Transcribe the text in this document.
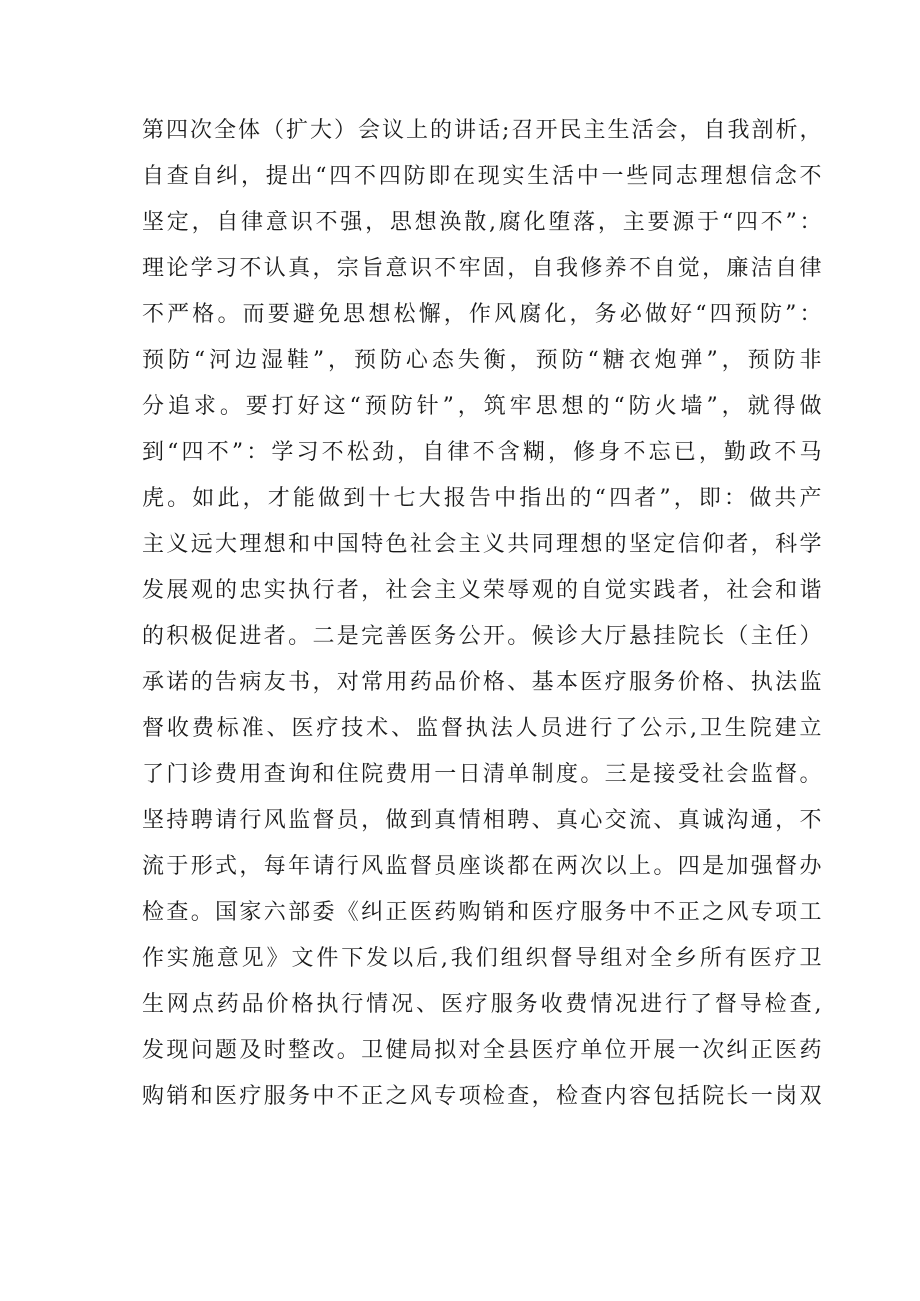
第四次全体（扩大）会议上的讲话;召开民主生活会，自我剖析，
自查自纠，提出“四不四防即在现实生活中一些同志理想信念不
坚定，自律意识不强，思想涣散,腐化堕落，主要源于“四不”：
理论学习不认真，宗旨意识不牢固，自我修养不自觉，廉洁自律
不严格。而要避免思想松懈，作风腐化，务必做好“四预防”：
预防“河边湿鞋”，预防心态失衡，预防“糖衣炮弹”，预防非
分追求。要打好这“预防针”，筑牢思想的“防火墙”，就得做
到“四不”：学习不松劲，自律不含糊，修身不忘已，勤政不马
虎。如此，才能做到十七大报告中指出的“四者”，即：做共产
主义远大理想和中国特色社会主义共同理想的坚定信仰者，科学
发展观的忠实执行者，社会主义荣辱观的自觉实践者，社会和谐
的积极促进者。二是完善医务公开。候诊大厅悬挂院长（主任）
承诺的告病友书，对常用药品价格、基本医疗服务价格、执法监
督收费标准、医疗技术、监督执法人员进行了公示,卫生院建立
了门诊费用查询和住院费用一日清单制度。三是接受社会监督。
坚持聘请行风监督员，做到真情相聘、真心交流、真诚沟通，不
流于形式，每年请行风监督员座谈都在两次以上。四是加强督办
检查。国家六部委《纠正医药购销和医疗服务中不正之风专项工
作实施意见》文件下发以后,我们组织督导组对全乡所有医疗卫
生网点药品价格执行情况、医疗服务收费情况进行了督导检查,
发现问题及时整改。卫健局拟对全县医疗单位开展一次纠正医药
购销和医疗服务中不正之风专项检查，检查内容包括院长一岗双
